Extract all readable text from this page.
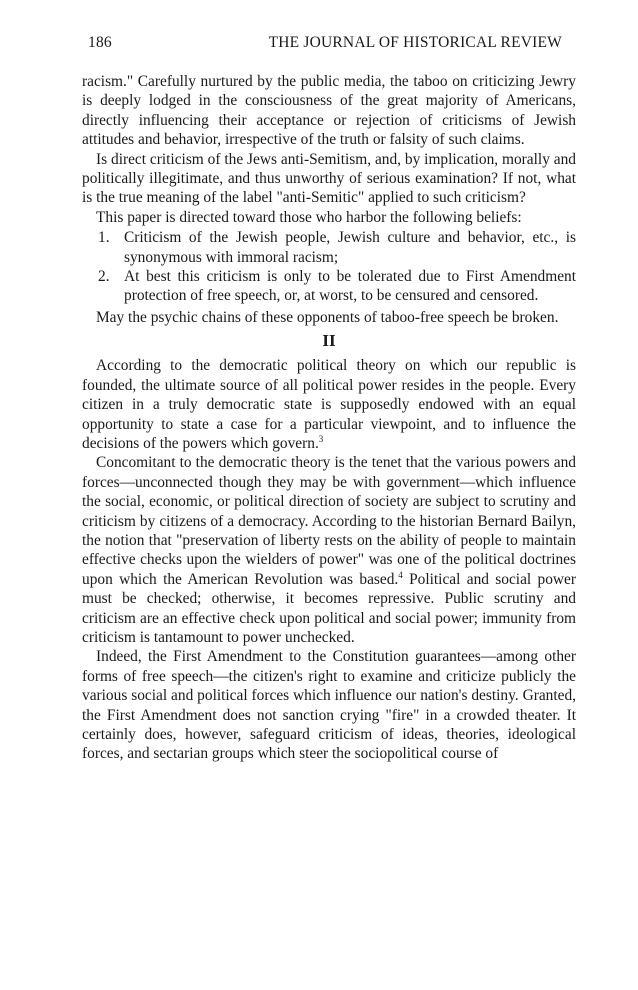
186	THE JOURNAL OF HISTORICAL REVIEW

racism." Carefully nurtured by the public media, the taboo on criticizing Jewry is deeply lodged in the consciousness of the great majority of Americans, directly influencing their acceptance or rejection of criticisms of Jewish attitudes and behavior, irrespective of the truth or falsity of such claims.

Is direct criticism of the Jews anti-Semitism, and, by implication, morally and politically illegitimate, and thus unworthy of serious examination? If not, what is the true meaning of the label "anti-Semitic" applied to such criticism?

This paper is directed toward those who harbor the following beliefs:

1. Criticism of the Jewish people, Jewish culture and behavior, etc., is synonymous with immoral racism;
2. At best this criticism is only to be tolerated due to First Amendment protection of free speech, or, at worst, to be censured and censored.

May the psychic chains of these opponents of taboo-free speech be broken.

II

According to the democratic political theory on which our republic is founded, the ultimate source of all political power resides in the people. Every citizen in a truly democratic state is supposedly endowed with an equal opportunity to state a case for a particular viewpoint, and to influence the decisions of the powers which govern.$^3$

Concomitant to the democratic theory is the tenet that the various powers and forces—unconnected though they may be with government—which influence the social, economic, or political direction of society are subject to scrutiny and criticism by citizens of a democracy. According to the historian Bernard Bailyn, the notion that "preservation of liberty rests on the ability of people to maintain effective checks upon the wielders of power" was one of the political doctrines upon which the American Revolution was based.$^4$ Political and social power must be checked; otherwise, it becomes repressive. Public scrutiny and criticism are an effective check upon political and social power; immunity from criticism is tantamount to power unchecked.

Indeed, the First Amendment to the Constitution guarantees—among other forms of free speech—the citizen's right to examine and criticize publicly the various social and political forces which influence our nation's destiny. Granted, the First Amendment does not sanction crying "fire" in a crowded theater. It certainly does, however, safeguard criticism of ideas, theories, ideological forces, and sectarian groups which steer the sociopolitical course of
